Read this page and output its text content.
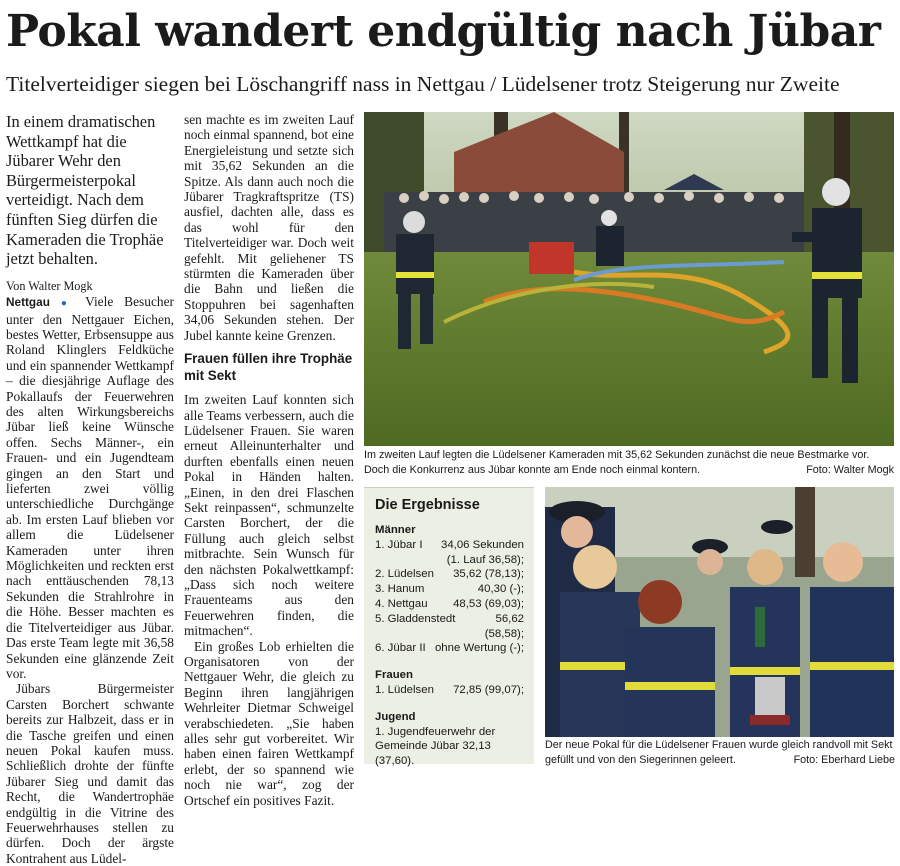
Pokal wandert endgültig nach Jübar
Titelverteidiger siegen bei Löschangriff nass in Nettgau / Lüdelsener trotz Steigerung nur Zweite

In einem dramatischen Wettkampf hat die Jübarer Wehr den Bürgermeisterpokal verteidigt. Nach dem fünften Sieg dürfen die Kameraden die Trophäe jetzt behalten.

Von Walter Mogk

Nettgau ● Viele Besucher unter den Nettgauer Eichen, bestes Wetter, Erbsensuppe aus Roland Klinglers Feldküche und ein spannender Wettkampf – die diesjährige Auflage des Pokallaufs der Feuerwehren des alten Wirkungsbereichs Jübar ließ keine Wünsche offen. Sechs Männer-, ein Frauen- und ein Jugendteam gingen an den Start und lieferten zwei völlig unterschiedliche Durchgänge ab. Im ersten Lauf blieben vor allem die Lüdelsener Kameraden unter ihren Möglichkeiten und reckten erst nach enttäuschenden 78,13 Sekunden die Strahlrohre in die Höhe. Besser machten es die Titelverteidiger aus Jübar. Das erste Team legte mit 36,58 Sekunden eine glänzende Zeit vor.

Jübars Bürgermeister Carsten Borchert schwante bereits zur Halbzeit, dass er in die Tasche greifen und einen neuen Pokal kaufen muss. Schließlich drohte der fünfte Jübarer Sieg und damit das Recht, die Wandertrophäe endgültig in die Vitrine des Feuerwehrhauses stellen zu dürfen. Doch der ärgste Kontrahent aus Lüdel-

sen machte es im zweiten Lauf noch einmal spannend, bot eine Energieleistung und setzte sich mit 35,62 Sekunden an die Spitze. Als dann auch noch die Jübarer Tragkraftspritze (TS) ausfiel, dachten alle, dass es das wohl für den Titelverteidiger war. Doch weit gefehlt. Mit geliehener TS stürmten die Kameraden über die Bahn und ließen die Stoppuhren bei sagenhaften 34,06 Sekunden stehen. Der Jubel kannte keine Grenzen.

Frauen füllen ihre Trophäe mit Sekt

Im zweiten Lauf konnten sich alle Teams verbessern, auch die Lüdelsener Frauen. Sie waren erneut Alleinunterhalter und durften ebenfalls einen neuen Pokal in Händen halten. „Einen, in den drei Flaschen Sekt reinpassen“, schmunzelte Carsten Borchert, der die Füllung auch gleich selbst mitbrachte. Sein Wunsch für den nächsten Pokalwettkampf: „Dass sich noch weitere Frauenteams aus den Feuerwehren finden, die mitmachen“.

Ein großes Lob erhielten die Organisatoren von der Nettgauer Wehr, die gleich zu Beginn ihren langjährigen Wehrleiter Dietmar Schweigel verabschiedeten. „Sie haben alles sehr gut vorbereitet. Wir haben einen fairen Wettkampf erlebt, der so spannend wie noch nie war“, zog der Ortschef ein positives Fazit.

Im zweiten Lauf legten die Lüdelsener Kameraden mit 35,62 Sekunden zunächst die neue Bestmarke vor. Doch die Konkurrenz aus Jübar konnte am Ende noch einmal kontern.	Foto: Walter Mogk
Die Ergebnisse
Männer
1. Jübar I 34,06 Sekunden
(1. Lauf 36,58);
2. Lüdelsen 35,62 (78,13);
3. Hanum	40,30 (-);
4. Nettgau 48,53 (69,03);
5. Gladdenstedt	56,62
(58,58);
6. Jübar II ohne Wertung (-);
Frauen
1. Lüdelsen 72,85 (99,07);
Jugend
1. Jugendfeuerwehr der
Gemeinde Jübar 32,13 (37,60).
Der neue Pokal für die Lüdelsener Frauen wurde gleich randvoll mit Sekt gefüllt und von den Siegerinnen geleert.	Foto: Eberhard Liebe
